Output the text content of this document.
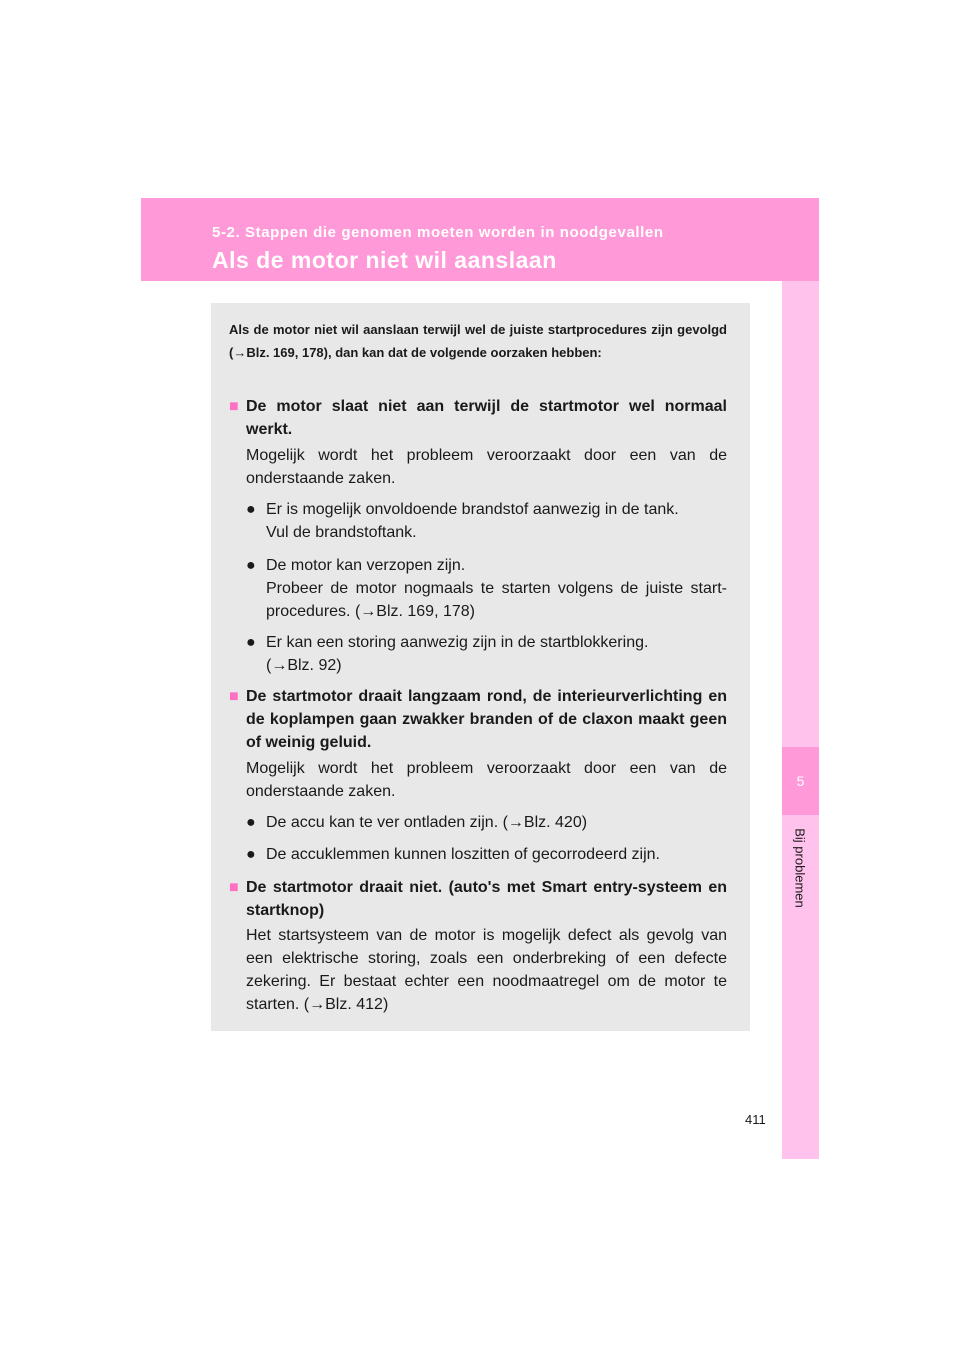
5-2. Stappen die genomen moeten worden in noodgevallen
Als de motor niet wil aanslaan
5
Bij problemen
Als de motor niet wil aanslaan terwijl wel de juiste startprocedures zijn gevolgd (→Blz. 169, 178), dan kan dat de volgende oorzaken hebben:
■ De motor slaat niet aan terwijl de startmotor wel normaal werkt.
Mogelijk wordt het probleem veroorzaakt door een van de onderstaande zaken.
● Er is mogelijk onvoldoende brandstof aanwezig in de tank.
Vul de brandstoftank.
● De motor kan verzopen zijn.
Probeer de motor nogmaals te starten volgens de juiste start-procedures. (→Blz. 169, 178)
● Er kan een storing aanwezig zijn in de startblokkering.
(→Blz. 92)
■ De startmotor draait langzaam rond, de interieurverlichting en de koplampen gaan zwakker branden of de claxon maakt geen of weinig geluid.
Mogelijk wordt het probleem veroorzaakt door een van de onderstaande zaken.
● De accu kan te ver ontladen zijn. (→Blz. 420)
● De accuklemmen kunnen loszitten of gecorrodeerd zijn.
■ De startmotor draait niet. (auto's met Smart entry-systeem en startknop)
Het startsysteem van de motor is mogelijk defect als gevolg van een elektrische storing, zoals een onderbreking of een defecte zekering. Er bestaat echter een noodmaatregel om de motor te starten. (→Blz. 412)
411
